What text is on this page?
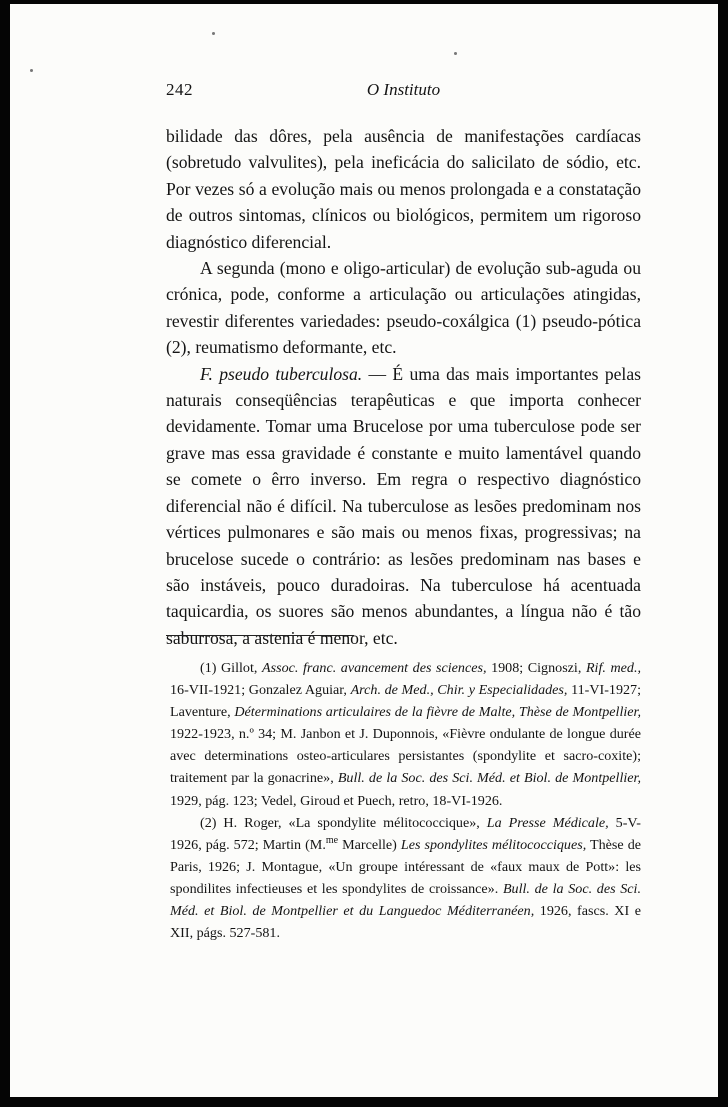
242	O Instituto

bilidade das dôres, pela ausência de manifestações cardíacas (sobretudo valvulites), pela ineficácia do salicilato de sódio, etc. Por vezes só a evolução mais ou menos prolongada e a constatação de outros sintomas, clínicos ou biológicos, permitem um rigoroso diagnóstico diferencial.

A segunda (mono e oligo-articular) de evolução sub-aguda ou crónica, pode, conforme a articulação ou articulações atingidas, revestir diferentes variedades: pseudo-coxálgica (1) pseudo-pótica (2), reumatismo deformante, etc.

F. pseudo tuberculosa. — É uma das mais importantes pelas naturais conseqüências terapêuticas e que importa conhecer devidamente. Tomar uma Brucelose por uma tuberculose pode ser grave mas essa gravidade é constante e muito lamentável quando se comete o êrro inverso. Em regra o respectivo diagnóstico diferencial não é difícil. Na tuberculose as lesões predominam nos vértices pulmonares e são mais ou menos fixas, progressivas; na brucelose sucede o contrário: as lesões predominam nas bases e são instáveis, pouco duradoiras. Na tuberculose há acentuada taquicardia, os suores são menos abundantes, a língua não é tão saburrosa, a astenia é menor, etc.

(1) Gillot, Assoc. franc. avancement des sciences, 1908; Cignoszi, Rif. med., 16-VII-1921; Gonzalez Aguiar, Arch. de Med., Chir. y Especialidades, 11-VI-1927; Laventure, Déterminations articulaires de la fièvre de Malte, Thèse de Montpellier, 1922-1923, n.º 34; M. Janbon et J. Duponnois, «Fièvre ondulante de longue durée avec determinations osteo-articulares persistantes (spondylite et sacro-coxite); traitement par la gonacrine», Bull. de la Soc. des Sci. Méd. et Biol. de Montpellier, 1929, pág. 123; Vedel, Giroud et Puech, retro, 18-VI-1926.

(2) H. Roger, «La spondylite mélitococcique», La Presse Médicale, 5-V-1926, pág. 572; Martin (M.$^{me}$ Marcelle) Les spondylites mélitococciques, Thèse de Paris, 1926; J. Montague, «Un groupe intéressant de «faux maux de Pott»: les spondilites infectieuses et les spondylites de croissance». Bull. de la Soc. des Sci. Méd. et Biol. de Montpellier et du Languedoc Méditerranéen, 1926, fascs. XI e XII, págs. 527-581.
